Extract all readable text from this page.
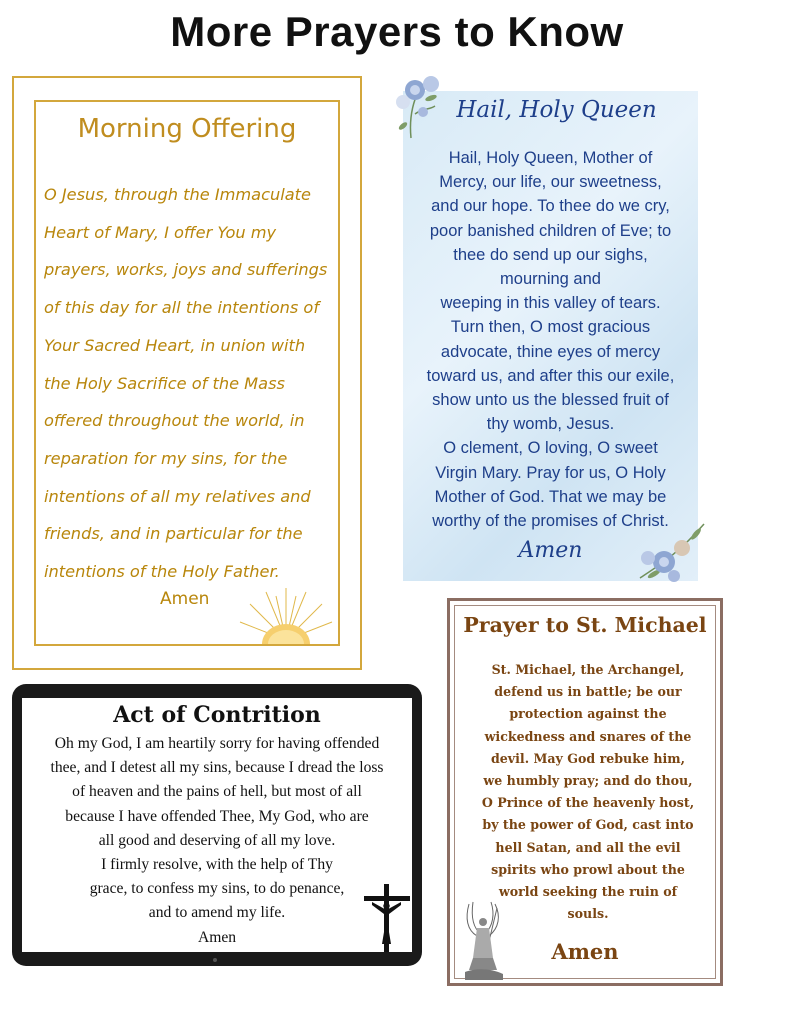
More Prayers to Know
Morning Offering

O Jesus, through the Immaculate
Heart of Mary, I offer You my
prayers, works, joys and sufferings
of this day for all the intentions of
Your Sacred Heart, in union with
the Holy Sacrifice of the Mass
offered throughout the world, in
reparation for my sins, for the
intentions of all my relatives and
friends, and in particular for the
intentions of the Holy Father.

Amen
Hail, Holy Queen

Hail, Holy Queen, Mother of
Mercy, our life, our sweetness,
and our hope. To thee do we cry,
poor banished children of Eve; to
thee do send up our sighs,
mourning and
weeping in this valley of tears.
Turn then, O most gracious
advocate, thine eyes of mercy
toward us, and after this our exile,
show unto us the blessed fruit of
thy womb, Jesus.
O clement, O loving, O sweet
Virgin Mary. Pray for us, O Holy
Mother of God. That we may be
worthy of the promises of Christ.

Amen
Act of Contrition

Oh my God, I am heartily sorry for having offended
thee, and I detest all my sins, because I dread the loss
of heaven and the pains of hell, but most of all
because I have offended Thee, My God, who are
all good and deserving of all my love.
I firmly resolve, with the help of Thy
grace, to confess my sins, to do penance,
and to amend my life.
Amen

Prayer to St. Michael

St. Michael, the Archangel,
defend us in battle; be our
protection against the
wickedness and snares of the
devil. May God rebuke him,
we humbly pray; and do thou,
O Prince of the heavenly host,
by the power of God, cast into
hell Satan, and all the evil
spirits who prowl about the
world seeking the ruin of
souls.

Amen
